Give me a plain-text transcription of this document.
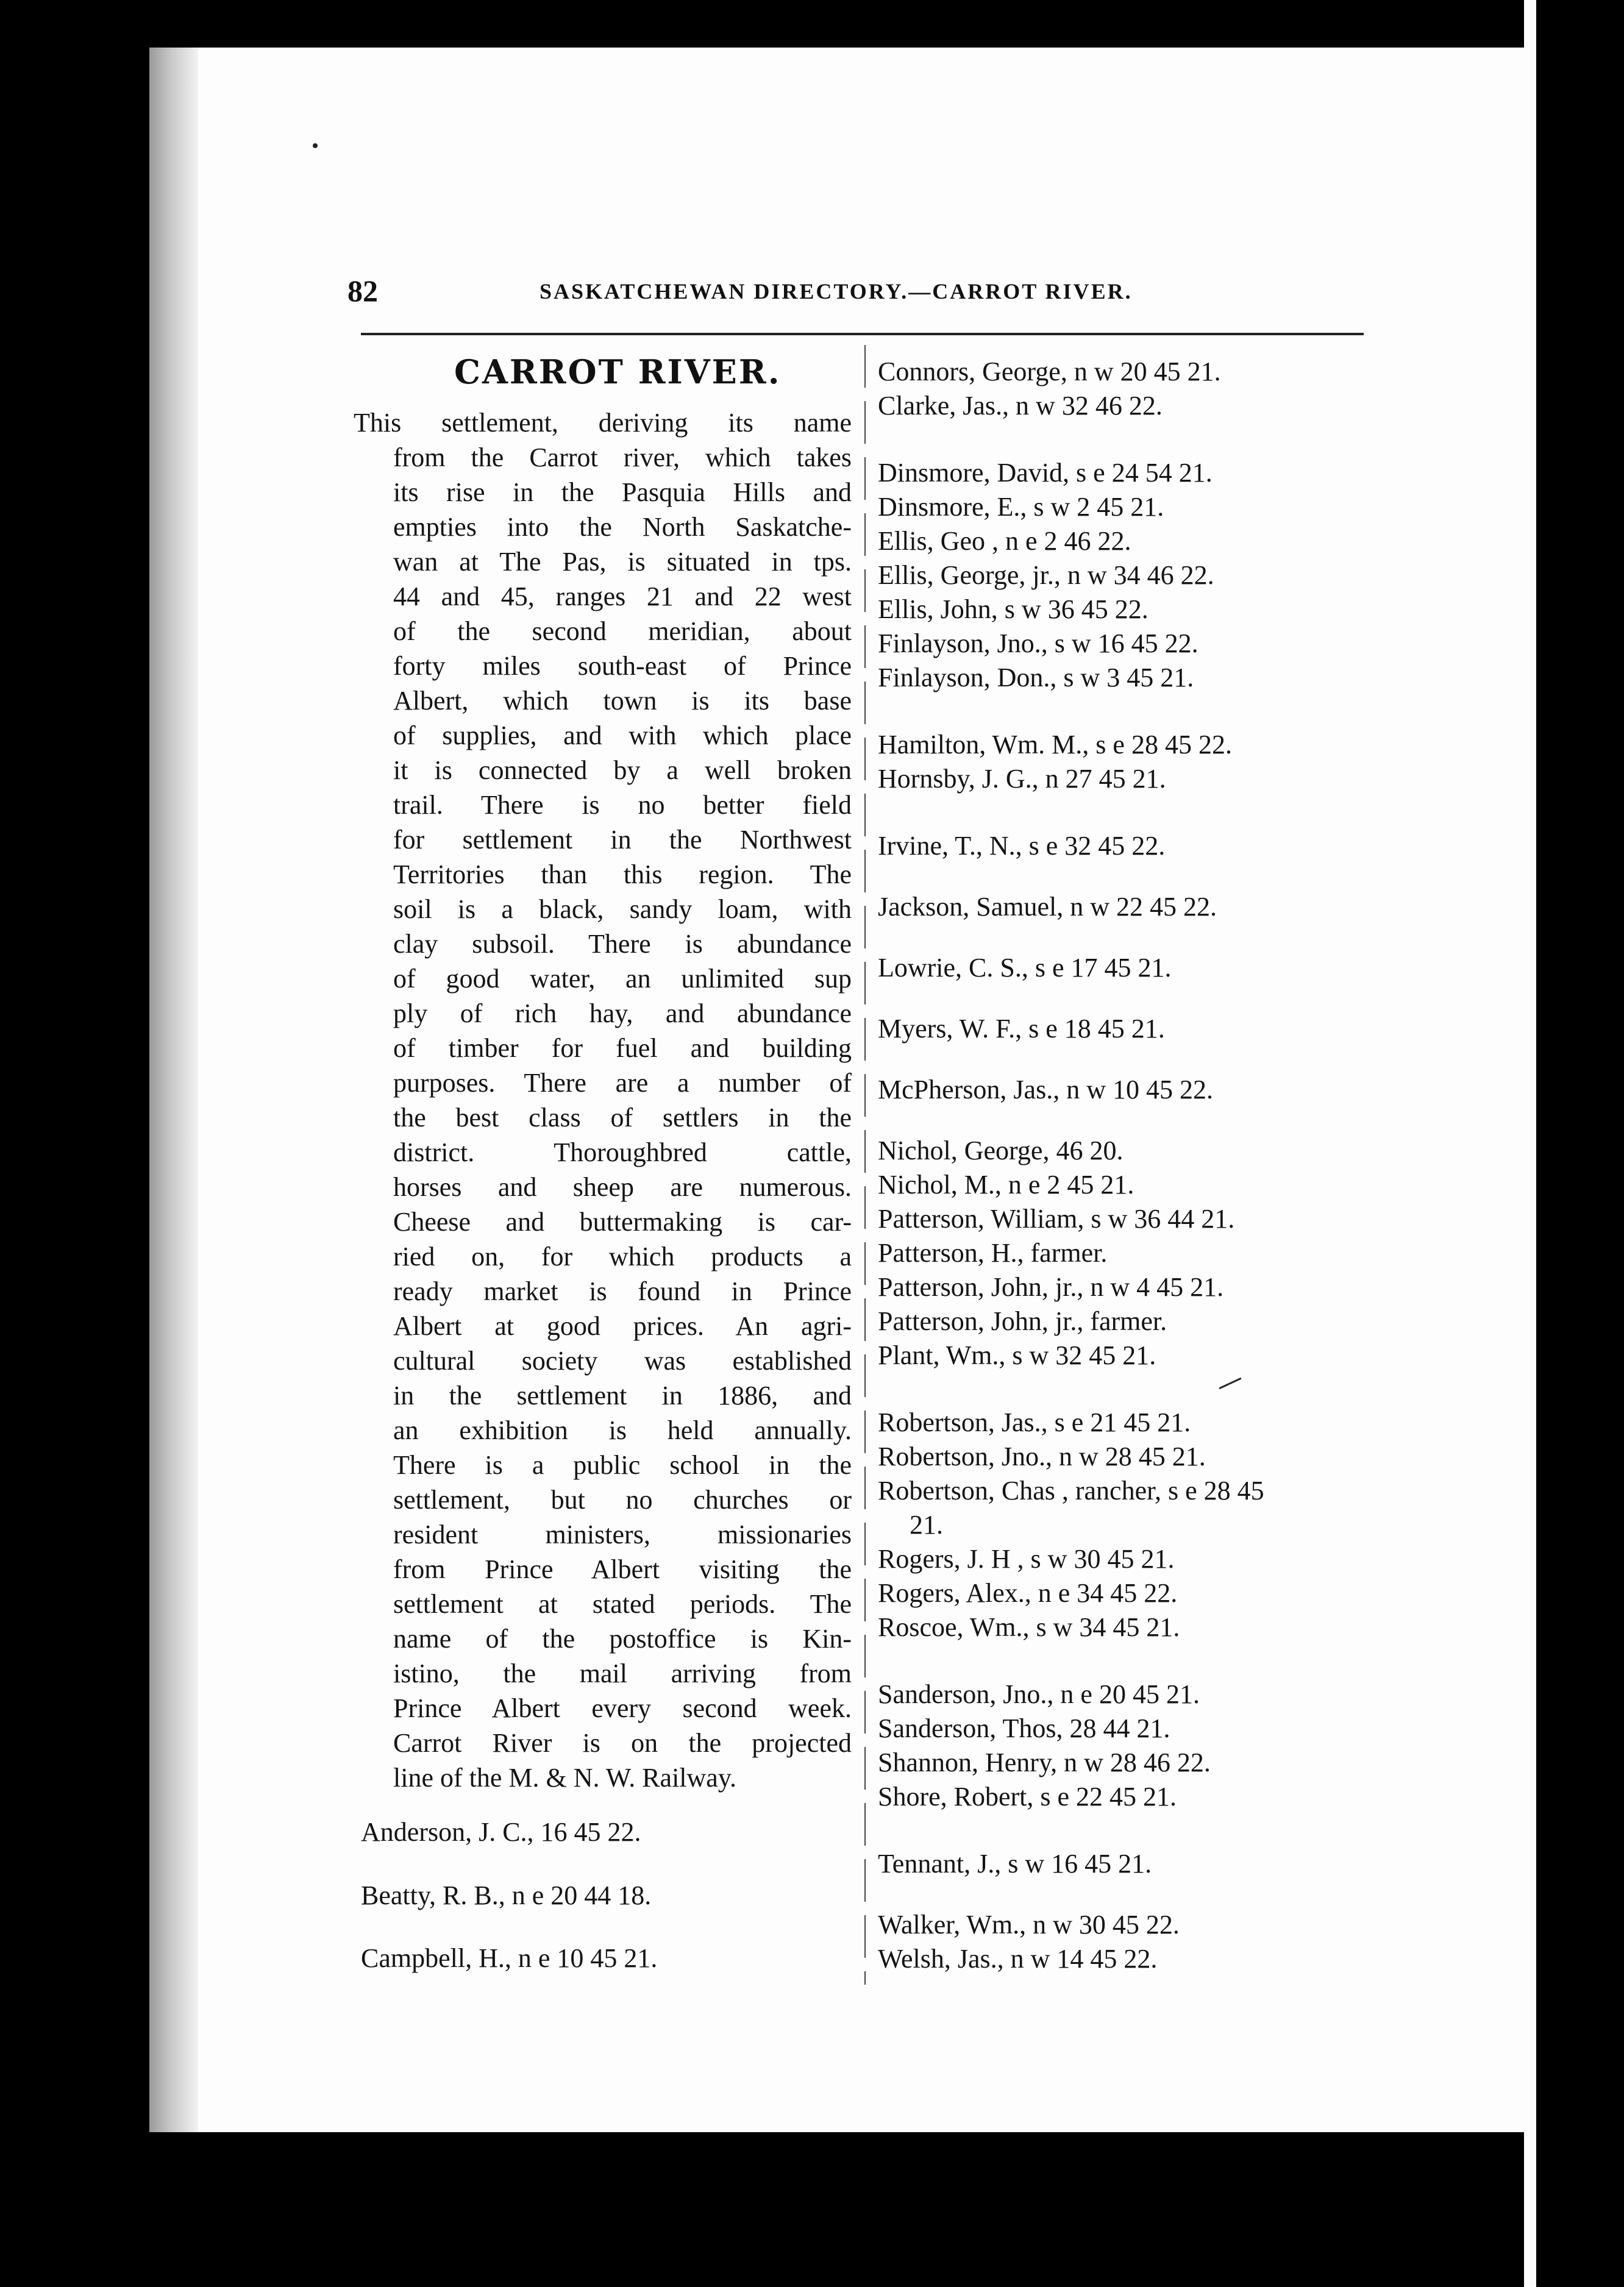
82	SASKATCHEWAN DIRECTORY.—CARROT RIVER.
CARROT RIVER.
This settlement, deriving its name
from the Carrot river, which takes
its rise in the Pasquia Hills and
empties into the North Saskatche-
wan at The Pas, is situated in tps.
44 and 45, ranges 21 and 22 west
of the second meridian, about
forty miles south-east of Prince
Albert, which town is its base
of supplies, and with which place
it is connected by a well broken
trail. There is no better field
for settlement in the Northwest
Territories than this region. The
soil is a black, sandy loam, with
clay subsoil. There is abundance
of good water, an unlimited sup
ply of rich hay, and abundance
of timber for fuel and building
purposes. There are a number of
the best class of settlers in the
district. Thoroughbred cattle,
horses and sheep are numerous.
Cheese and buttermaking is car-
ried on, for which products a
ready market is found in Prince
Albert at good prices. An agri-
cultural society was established
in the settlement in 1886, and
an exhibition is held annually.
There is a public school in the
settlement, but no churches or
resident ministers, missionaries
from Prince Albert visiting the
settlement at stated periods. The
name of the postoffice is Kin-
istino, the mail arriving from
Prince Albert every second week.
Carrot River is on the projected
line of the M. & N. W. Railway.
Anderson, J. C., 16 45 22.
Beatty, R. B., n e 20 44 18.
Campbell, H., n e 10 45 21.
Connors, George, n w 20 45 21.
Clarke, Jas., n w 32 46 22.
Dinsmore, David, s e 24 54 21.
Dinsmore, E., s w 2 45 21.
Ellis, Geo , n e 2 46 22.
Ellis, George, jr., n w 34 46 22.
Ellis, John, s w 36 45 22.
Finlayson, Jno., s w 16 45 22.
Finlayson, Don., s w 3 45 21.
Hamilton, Wm. M., s e 28 45 22.
Hornsby, J. G., n 27 45 21.
Irvine, T., N., s e 32 45 22.
Jackson, Samuel, n w 22 45 22.
Lowrie, C. S., s e 17 45 21.
Myers, W. F., s e 18 45 21.
McPherson, Jas., n w 10 45 22.
Nichol, George, 46 20.
Nichol, M., n e 2 45 21.
Patterson, William, s w 36 44 21.
Patterson, H., farmer.
Patterson, John, jr., n w 4 45 21.
Patterson, John, jr., farmer.
Plant, Wm., s w 32 45 21.
Robertson, Jas., s e 21 45 21.
Robertson, Jno., n w 28 45 21.
Robertson, Chas , rancher, s e 28 45
21.
Rogers, J. H , s w 30 45 21.
Rogers, Alex., n e 34 45 22.
Roscoe, Wm., s w 34 45 21.
Sanderson, Jno., n e 20 45 21.
Sanderson, Thos, 28 44 21.
Shannon, Henry, n w 28 46 22.
Shore, Robert, s e 22 45 21.
Tennant, J., s w 16 45 21.
Walker, Wm., n w 30 45 22.
Welsh, Jas., n w 14 45 22.
